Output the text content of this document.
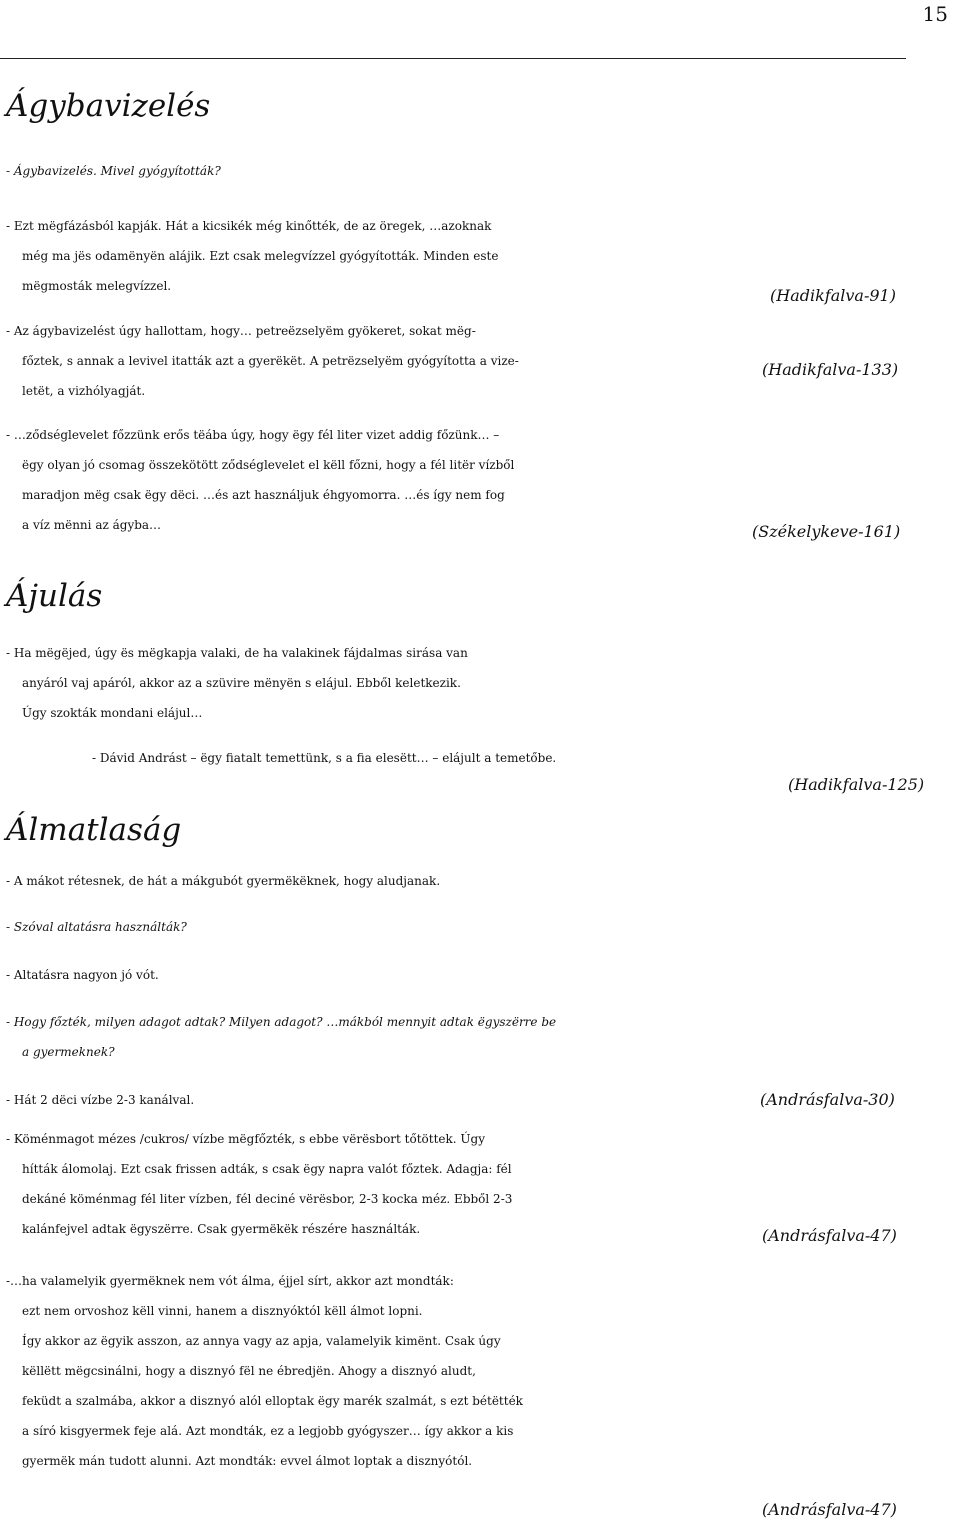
15
Ágybavizelés

- Ágybavizelés. Mivel gyógyították?

- Ezt mëgfázásból kapják. Hát a kicsikék még kinőtték, de az öregek, …azoknak
még ma jës odamënyën alájik. Ezt csak melegvízzel gyógyították. Minden este
mëgmosták melegvízzel.	(Hadikfalva-91)

- Az ágybavizelést úgy hallottam, hogy… petreëzselyëm gyökeret, sokat mëg-
főztek, s annak a levivel itatták azt a gyerëkët. A petrëzselyëm gyógyította a vize-
letët, a vizhólyagját.

(Hadikfalva-133)

- …ződséglevelet főzzünk erős tëába úgy, hogy ëgy fél liter vizet addig főzünk… –
ëgy olyan jó csomag összekötött ződséglevelet el këll főzni, hogy a fél litër vízből
maradjon mëg csak ëgy dëci. …és azt használjuk éhgyomorra. …és így nem fog
a víz mënni az ágyba…	(Székelykeve-161)
Ájulás

- Ha mëgëjed, úgy ës mëgkapja valaki, de ha valakinek fájdalmas sirása van
anyáról vaj apáról, akkor az a szüvire mënyën s elájul. Ebből keletkezik.
Úgy szokták mondani elájul…

- Dávid Andrást – ëgy fiatalt temettünk, s a fia elesëtt… – elájult a temetőbe.

(Hadikfalva-125)
Álmatlaság

- A mákot rétesnek, de hát a mákgubót gyermëkëknek, hogy aludjanak.

- Szóval altatásra használták?

- Altatásra nagyon jó vót.

- Hogy főzték, milyen adagot adtak? Milyen adagot? …mákból mennyit adtak ëgyszërre be
a gyermeknek?

- Hát 2 dëci vízbe 2-3 kanálval.	(Andrásfalva-30)

- Köménmagot mézes /cukros/ vízbe mëgfőzték, s ebbe vërësbort tőtöttek. Úgy
hítták álomolaj. Ezt csak frissen adták, s csak ëgy napra valót főztek. Adagja: fél
dekáné köménmag fél liter vízben, fél deciné vërësbor, 2-3 kocka méz. Ebből 2-3
kalánfejvel adtak ëgyszërre. Csak gyermëkëk részére használták.	(Andrásfalva-47)

-…ha valamelyik gyermëknek nem vót álma, éjjel sírt, akkor azt mondták:
ezt nem orvoshoz këll vinni, hanem a disznyóktól këll álmot lopni.
Így akkor az ëgyik asszon, az annya vagy az apja, valamelyik kimënt. Csak úgy
këllëtt mëgcsinálni, hogy a disznyó fël ne ébredjën. Ahogy a disznyó aludt,
feküdt a szalmába, akkor a disznyó alól elloptak ëgy marék szalmát, s ezt bétëtték
a síró kisgyermek feje alá. Azt mondták, ez a legjobb gyógyszer… így akkor a kis
gyermëk mán tudott alunni. Azt mondták: evvel álmot loptak a disznyótól.

(Andrásfalva-47)
